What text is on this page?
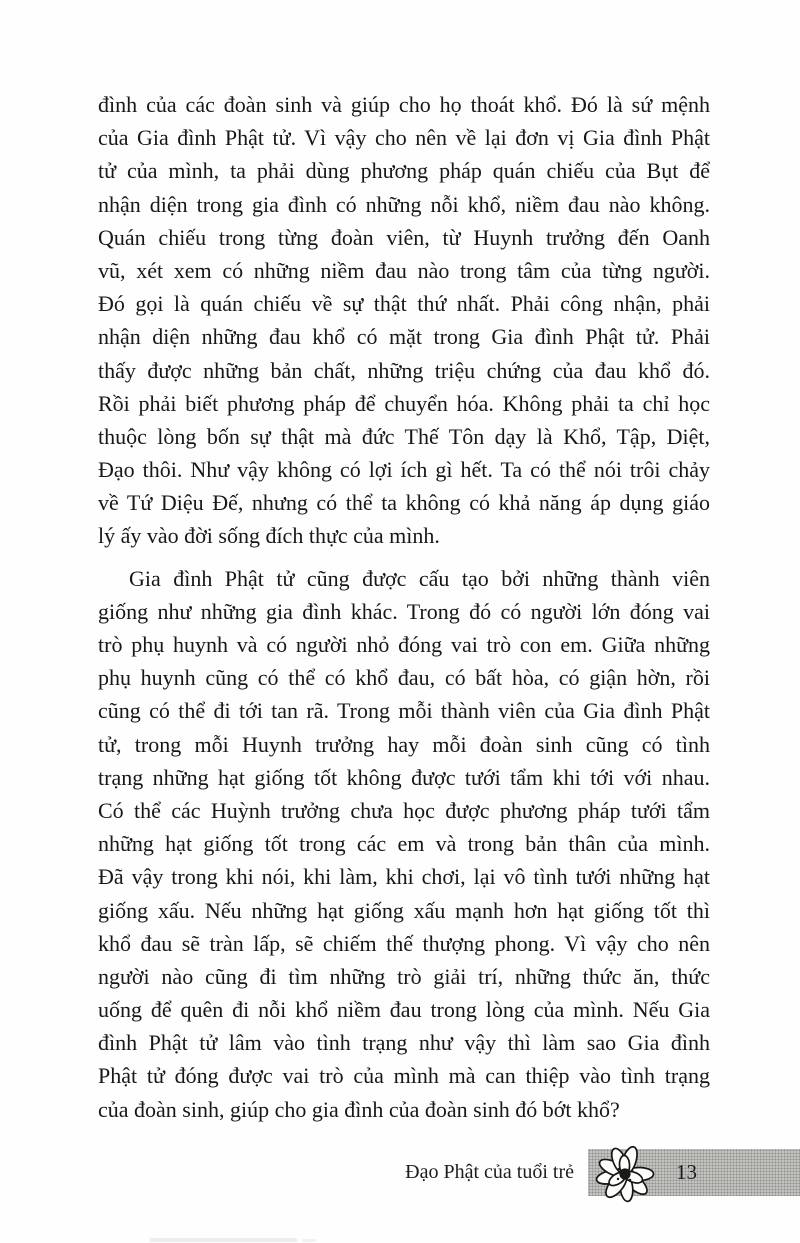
đình của các đoàn sinh và giúp cho họ thoát khổ. Đó là sứ mệnh
của Gia đình Phật tử. Vì vậy cho nên về lại đơn vị Gia đình Phật
tử của mình, ta phải dùng phương pháp quán chiếu của Bụt để
nhận diện trong gia đình có những nỗi khổ, niềm đau nào không.
Quán chiếu trong từng đoàn viên, từ Huynh trưởng đến Oanh
vũ, xét xem có những niềm đau nào trong tâm của từng người.
Đó gọi là quán chiếu về sự thật thứ nhất. Phải công nhận, phải
nhận diện những đau khổ có mặt trong Gia đình Phật tử. Phải
thấy được những bản chất, những triệu chứng của đau khổ đó.
Rồi phải biết phương pháp để chuyển hóa. Không phải ta chỉ học
thuộc lòng bốn sự thật mà đức Thế Tôn dạy là Khổ, Tập, Diệt,
Đạo thôi. Như vậy không có lợi ích gì hết. Ta có thể nói trôi chảy
về Tứ Diệu Đế, nhưng có thể ta không có khả năng áp dụng giáo
lý ấy vào đời sống đích thực của mình.
Gia đình Phật tử cũng được cấu tạo bởi những thành viên
giống như những gia đình khác. Trong đó có người lớn đóng vai
trò phụ huynh và có người nhỏ đóng vai trò con em. Giữa những
phụ huynh cũng có thể có khổ đau, có bất hòa, có giận hờn, rồi
cũng có thể đi tới tan rã. Trong mỗi thành viên của Gia đình Phật
tử, trong mỗi Huynh trưởng hay mỗi đoàn sinh cũng có tình
trạng những hạt giống tốt không được tưới tẩm khi tới với nhau.
Có thể các Huỳnh trưởng chưa học được phương pháp tưới tẩm
những hạt giống tốt trong các em và trong bản thân của mình.
Đã vậy trong khi nói, khi làm, khi chơi, lại vô tình tưới những hạt
giống xấu. Nếu những hạt giống xấu mạnh hơn hạt giống tốt thì
khổ đau sẽ tràn lấp, sẽ chiếm thế thượng phong. Vì vậy cho nên
người nào cũng đi tìm những trò giải trí, những thức ăn, thức
uống để quên đi nỗi khổ niềm đau trong lòng của mình. Nếu Gia
đình Phật tử lâm vào tình trạng như vậy thì làm sao Gia đình
Phật tử đóng được vai trò của mình mà can thiệp vào tình trạng
của đoàn sinh, giúp cho gia đình của đoàn sinh đó bớt khổ?
Đạo Phật của tuổi trẻ	13
